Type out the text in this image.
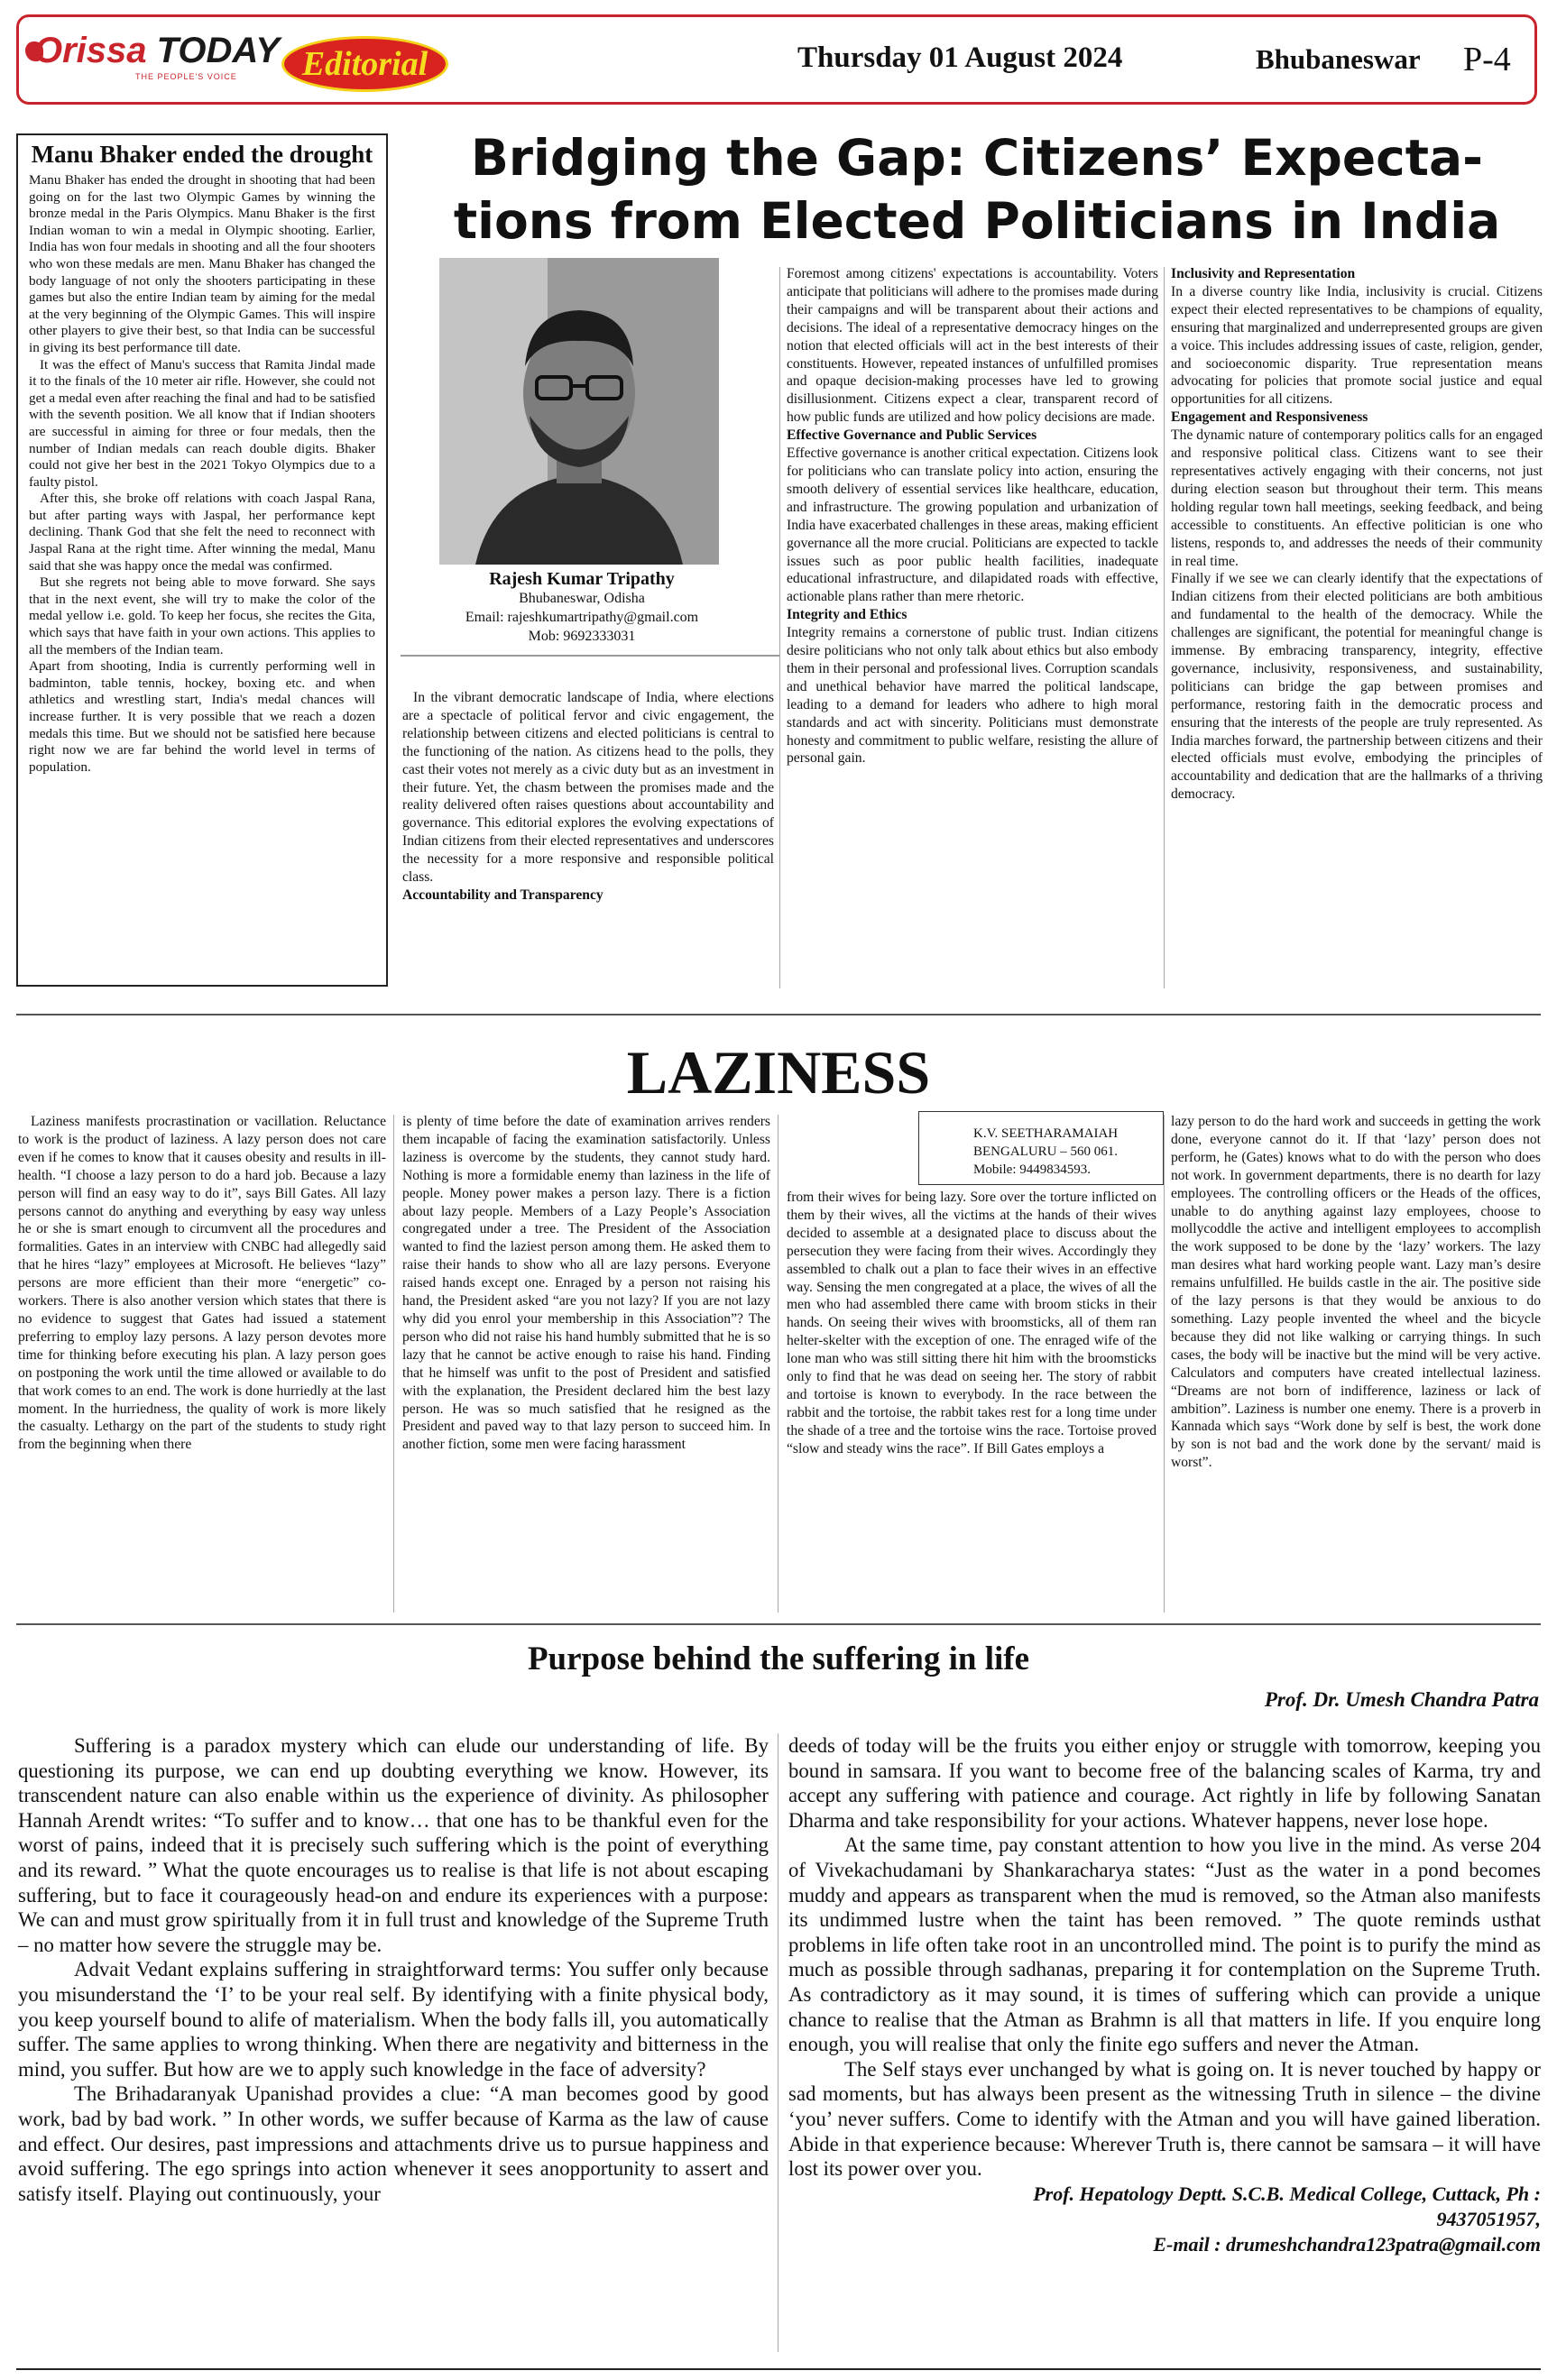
Orissa TODAY
THE PEOPLE'S VOICE	Editorial	Thursday 01 August 2024	Bhubaneswar P-4
Manu Bhaker ended the drought

Manu Bhaker has ended the drought in shooting that had been going on for the last two Olympic Games by winning the bronze medal in the Paris Olympics. Manu Bhaker is the first Indian woman to win a medal in Olympic shooting. Earlier, India has won four medals in shooting and all the four shooters who won these medals are men. Manu Bhaker has changed the body language of not only the shooters participating in these games but also the entire Indian team by aiming for the medal at the very beginning of the Olympic Games. This will inspire other players to give their best, so that India can be successful in giving its best performance till date.

It was the effect of Manu's success that Ramita Jindal made it to the finals of the 10 meter air rifle. However, she could not get a medal even after reaching the final and had to be satisfied with the seventh position. We all know that if Indian shooters are successful in aiming for three or four medals, then the number of Indian medals can reach double digits. Bhaker could not give her best in the 2021 Tokyo Olympics due to a faulty pistol.

After this, she broke off relations with coach Jaspal Rana, but after parting ways with Jaspal, her performance kept declining. Thank God that she felt the need to reconnect with Jaspal Rana at the right time. After winning the medal, Manu said that she was happy once the medal was confirmed.

But she regrets not being able to move forward. She says that in the next event, she will try to make the color of the medal yellow i.e. gold. To keep her focus, she recites the Gita, which says that have faith in your own actions. This applies to all the members of the Indian team.

Apart from shooting, India is currently performing well in badminton, table tennis, hockey, boxing etc. and when athletics and wrestling start, India's medal chances will increase further. It is very possible that we reach a dozen medals this time. But we should not be satisfied here because right now we are far behind the world level in terms of population.

Bridging the Gap: Citizens’ Expecta-tions from Elected Politicians in India
Rajesh Kumar Tripathy
Bhubaneswar, Odisha
Email: rajeshkumartripathy@gmail.com
Mob: 9692333031

In the vibrant democratic landscape of India, where elections are a spectacle of political fervor and civic engagement, the relationship between citizens and elected politicians is central to the functioning of the nation. As citizens head to the polls, they cast their votes not merely as a civic duty but as an investment in their future. Yet, the chasm between the promises made and the reality delivered often raises questions about accountability and governance. This editorial explores the evolving expectations of Indian citizens from their elected representatives and underscores the necessity for a more responsive and responsible political class.

Accountability and Transparency

Foremost among citizens' expectations is accountability. Voters anticipate that politicians will adhere to the promises made during their campaigns and will be transparent about their actions and decisions. The ideal of a representative democracy hinges on the notion that elected officials will act in the best interests of their constituents. However, repeated instances of unfulfilled promises and opaque decision-making processes have led to growing disillusionment. Citizens expect a clear, transparent record of how public funds are utilized and how policy decisions are made.

Effective Governance and Public Services

Effective governance is another critical expectation. Citizens look for politicians who can translate policy into action, ensuring the smooth delivery of essential services like healthcare, education, and infrastructure. The growing population and urbanization of India have exacerbated challenges in these areas, making efficient governance all the more crucial. Politicians are expected to tackle issues such as poor public health facilities, inadequate educational infrastructure, and dilapidated roads with effective, actionable plans rather than mere rhetoric.

Integrity and Ethics

Integrity remains a cornerstone of public trust. Indian citizens desire politicians who not only talk about ethics but also embody them in their personal and professional lives. Corruption scandals and unethical behavior have marred the political landscape, leading to a demand for leaders who adhere to high moral standards and act with sincerity. Politicians must demonstrate honesty and commitment to public welfare, resisting the allure of personal gain.

Inclusivity and Representation

In a diverse country like India, inclusivity is crucial. Citizens expect their elected representatives to be champions of equality, ensuring that marginalized and underrepresented groups are given a voice. This includes addressing issues of caste, religion, gender, and socioeconomic disparity. True representation means advocating for policies that promote social justice and equal opportunities for all citizens.

Engagement and Responsiveness

The dynamic nature of contemporary politics calls for an engaged and responsive political class. Citizens want to see their representatives actively engaging with their concerns, not just during election season but throughout their term. This means holding regular town hall meetings, seeking feedback, and being accessible to constituents. An effective politician is one who listens, responds to, and addresses the needs of their community in real time.

Finally if we see we can clearly identify that the expectations of Indian citizens from their elected politicians are both ambitious and fundamental to the health of the democracy. While the challenges are significant, the potential for meaningful change is immense. By embracing transparency, integrity, effective governance, inclusivity, responsiveness, and sustainability, politicians can bridge the gap between promises and performance, restoring faith in the democratic process and ensuring that the interests of the people are truly represented. As India marches forward, the partnership between citizens and their elected officials must evolve, embodying the principles of accountability and dedication that are the hallmarks of a thriving democracy.

LAZINESS

Laziness manifests procrastination or vacillation. Reluctance to work is the product of laziness. A lazy person does not care even if he comes to know that it causes obesity and results in ill-health. “I choose a lazy person to do a hard job. Because a lazy person will find an easy way to do it”, says Bill Gates. All lazy persons cannot do anything and everything by easy way unless he or she is smart enough to circumvent all the procedures and formalities. Gates in an interview with CNBC had allegedly said that he hires “lazy” employees at Microsoft. He believes “lazy” persons are more efficient than their more “energetic” co-workers. There is also another version which states that there is no evidence to suggest that Gates had issued a statement preferring to employ lazy persons. A lazy person devotes more time for thinking before executing his plan. A lazy person goes on postponing the work until the time allowed or available to do that work comes to an end. The work is done hurriedly at the last moment. In the hurriedness, the quality of work is more likely the casualty. Lethargy on the part of the students to study right from the beginning when there

is plenty of time before the date of examination arrives renders them incapable of facing the examination satisfactorily. Unless laziness is overcome by the students, they cannot study hard. Nothing is more a formidable enemy than laziness in the life of people. Money power makes a person lazy. There is a fiction about lazy people. Members of a Lazy People’s Association congregated under a tree. The President of the Association wanted to find the laziest person among them. He asked them to raise their hands to show who all are lazy persons. Everyone raised hands except one. Enraged by a person not raising his hand, the President asked “are you not lazy? If you are not lazy why did you enrol your membership in this Association”? The person who did not raise his hand humbly submitted that he is so lazy that he cannot be active enough to raise his hand. Finding that he himself was unfit to the post of President and satisfied with the explanation, the President declared him the best lazy person. He was so much satisfied that he resigned as the President and paved way to that lazy person to succeed him. In another fiction, some men were facing harassment

K.V. SEETHARAMAIAH
BENGALURU – 560 061.
Mobile: 9449834593.

from their wives for being lazy. Sore over the torture inflicted on them by their wives, all the victims at the hands of their wives decided to assemble at a designated place to discuss about the persecution they were facing from their wives. Accordingly they assembled to chalk out a plan to face their wives in an effective way. Sensing the men congregated at a place, the wives of all the men who had assembled there came with broom sticks in their hands. On seeing their wives with broomsticks, all of them ran helter-skelter with the exception of one. The enraged wife of the lone man who was still sitting there hit him with the broomsticks only to find that he was dead on seeing her. The story of rabbit and tortoise is known to everybody. In the race between the rabbit and the tortoise, the rabbit takes rest for a long time under the shade of a tree and the tortoise wins the race. Tortoise proved “slow and steady wins the race”. If Bill Gates employs a

lazy person to do the hard work and succeeds in getting the work done, everyone cannot do it. If that ‘lazy’ person does not perform, he (Gates) knows what to do with the person who does not work. In government departments, there is no dearth for lazy employees. The controlling officers or the Heads of the offices, unable to do anything against lazy employees, choose to mollycoddle the active and intelligent employees to accomplish the work supposed to be done by the ‘lazy’ workers. The lazy man desires what hard working people want. Lazy man’s desire remains unfulfilled. He builds castle in the air. The positive side of the lazy persons is that they would be anxious to do something. Lazy people invented the wheel and the bicycle because they did not like walking or carrying things. In such cases, the body will be inactive but the mind will be very active. Calculators and computers have created intellectual laziness. “Dreams are not born of indifference, laziness or lack of ambition”. Laziness is number one enemy. There is a proverb in Kannada which says “Work done by self is best, the work done by son is not bad and the work done by the servant/ maid is worst”.

Purpose behind the suffering in life
Prof. Dr. Umesh Chandra Patra

Suffering is a paradox mystery which can elude our understanding of life. By questioning its purpose, we can end up doubting everything we know. However, its transcendent nature can also enable within us the experience of divinity. As philosopher Hannah Arendt writes: “To suffer and to know… that one has to be thankful even for the worst of pains, indeed that it is precisely such suffering which is the point of everything and its reward. ” What the quote encourages us to realise is that life is not about escaping suffering, but to face it courageously head-on and endure its experiences with a purpose: We can and must grow spiritually from it in full trust and knowledge of the Supreme Truth – no matter how severe the struggle may be.

Advait Vedant explains suffering in straightforward terms: You suffer only because you misunderstand the ‘I’ to be your real self. By identifying with a finite physical body, you keep yourself bound to alife of materialism. When the body falls ill, you automatically suffer. The same applies to wrong thinking. When there are negativity and bitterness in the mind, you suffer. But how are we to apply such knowledge in the face of adversity?

The Brihadaranyak Upanishad provides a clue: “A man becomes good by good work, bad by bad work. ” In other words, we suffer because of Karma as the law of cause and effect. Our desires, past impressions and attachments drive us to pursue happiness and avoid suffering. The ego springs into action whenever it sees anopportunity to assert and satisfy itself. Playing out continuously, your

deeds of today will be the fruits you either enjoy or struggle with tomorrow, keeping you bound in samsara. If you want to become free of the balancing scales of Karma, try and accept any suffering with patience and courage. Act rightly in life by following Sanatan Dharma and take responsibility for your actions. Whatever happens, never lose hope.

At the same time, pay constant attention to how you live in the mind. As verse 204 of Vivekachudamani by Shankaracharya states: “Just as the water in a pond becomes muddy and appears as transparent when the mud is removed, so the Atman also manifests its undimmed lustre when the taint has been removed. ” The quote reminds usthat problems in life often take root in an uncontrolled mind. The point is to purify the mind as much as possible through sadhanas, preparing it for contemplation on the Supreme Truth. As contradictory as it may sound, it is times of suffering which can provide a unique chance to realise that the Atman as Brahmn is all that matters in life. If you enquire long enough, you will realise that only the finite ego suffers and never the Atman.

The Self stays ever unchanged by what is going on. It is never touched by happy or sad moments, but has always been present as the witnessing Truth in silence – the divine ‘you’ never suffers. Come to identify with the Atman and you will have gained liberation. Abide in that experience because: Wherever Truth is, there cannot be samsara – it will have lost its power over you.

Prof. Hepatology Deptt. S.C.B. Medical College, Cuttack, Ph :
9437051957,
E-mail : drumeshchandra123patra@gmail.com
